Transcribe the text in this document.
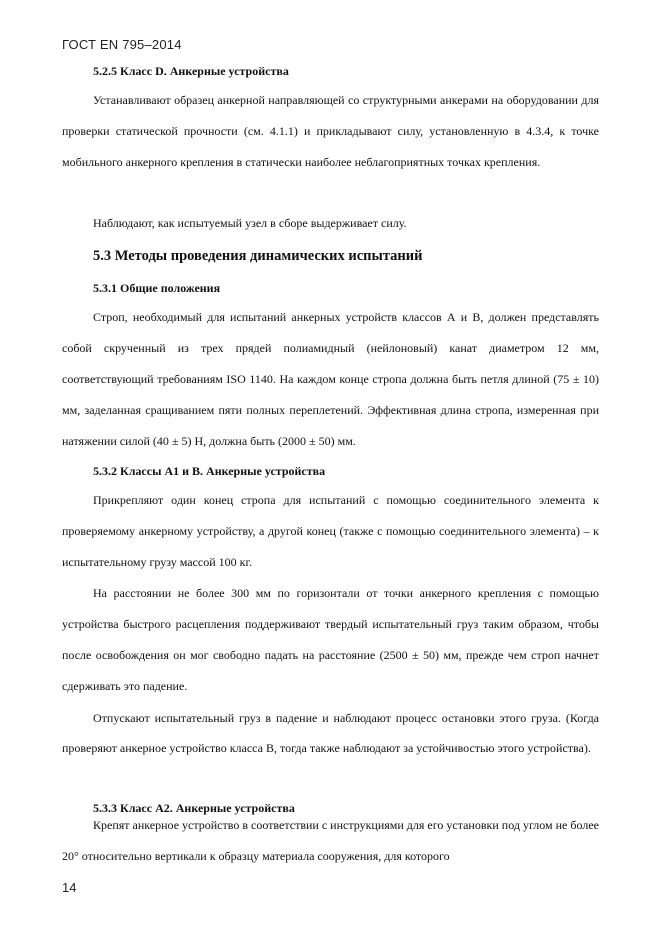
ГОСТ EN 795–2014
5.2.5 Класс D. Анкерные устройства

Устанавливают образец анкерной направляющей со структурными анкерами на оборудовании для проверки статической прочности (см. 4.1.1) и прикладывают силу, установленную в 4.3.4, к точке мобильного анкерного крепления в статически наиболее неблагоприятных точках крепления.

Наблюдают, как испытуемый узел в сборе выдерживает силу.

5.3 Методы проведения динамических испытаний
5.3.1 Общие положения

Строп, необходимый для испытаний анкерных устройств классов А и В, должен представлять собой скрученный из трех прядей полиамидный (нейлоновый) канат диаметром 12 мм, соответствующий требованиям ISO 1140. На каждом конце стропа должна быть петля длиной (75 ± 10) мм, заделанная сращиванием пяти полных переплетений. Эффективная длина стропа, измеренная при натяжении силой (40 ± 5) Н, должна быть (2000 ± 50) мм.

5.3.2 Классы A1 и В. Анкерные устройства

Прикрепляют один конец стропа для испытаний с помощью соединительного элемента к проверяемому анкерному устройству, а другой конец (также с помощью соединительного элемента) – к испытательному грузу массой 100 кг.

На расстоянии не более 300 мм по горизонтали от точки анкерного крепления с помощью устройства быстрого расцепления поддерживают твердый испытательный груз таким образом, чтобы после освобождения он мог свободно падать на расстояние (2500 ± 50) мм, прежде чем строп начнет сдерживать это падение.

Отпускают испытательный груз в падение и наблюдают процесс остановки этого груза. (Когда проверяют анкерное устройство класса В, тогда также наблюдают за устойчивостью этого устройства).

5.3.3 Класс A2. Анкерные устройства

Крепят анкерное устройство в соответствии с инструкциями для его установки под углом не более 20° относительно вертикали к образцу материала сооружения, для которого

14
